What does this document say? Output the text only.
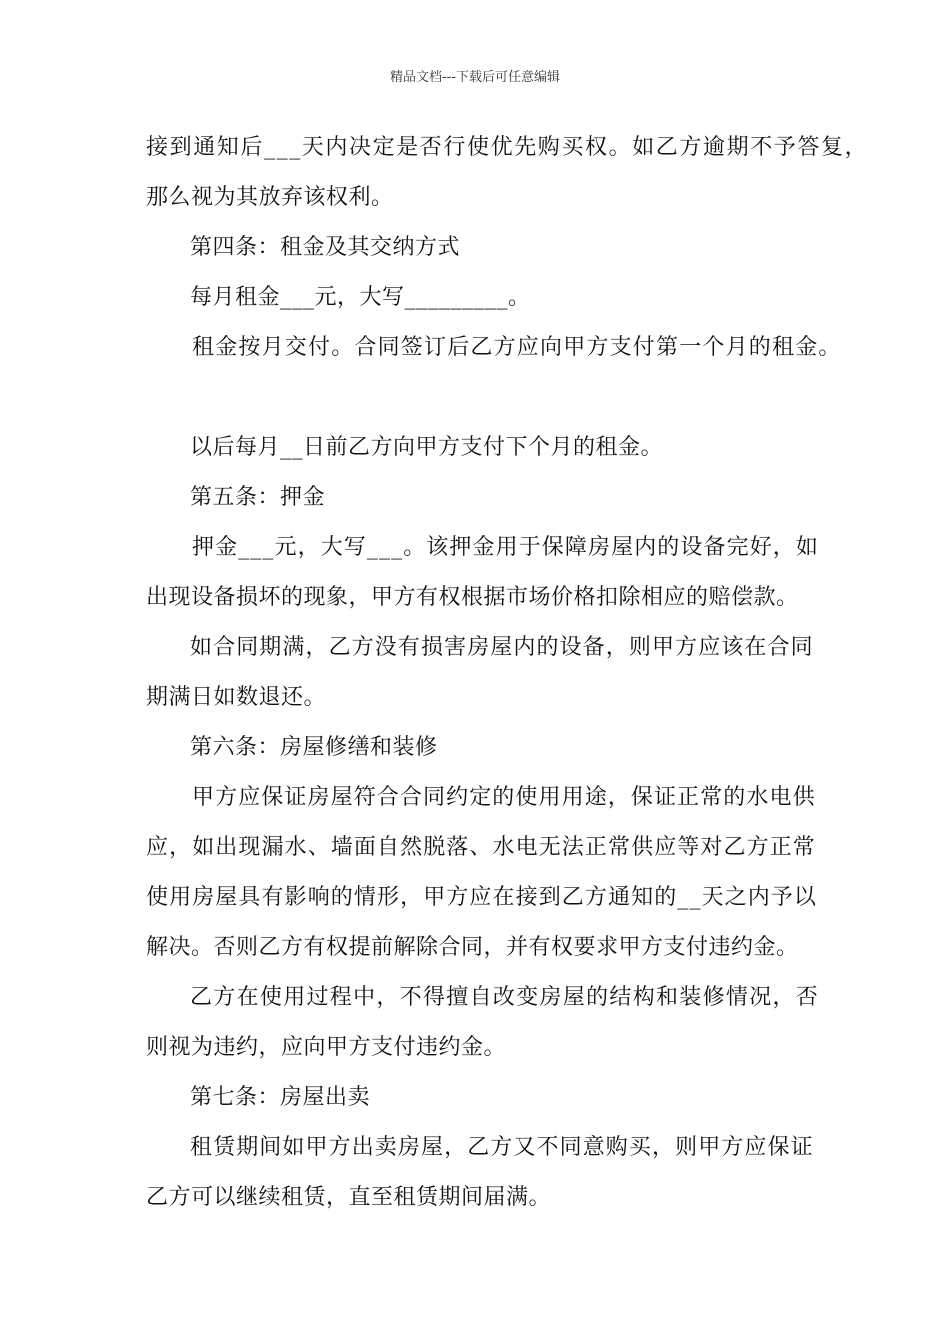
精品文档---下载后可任意编辑
接到通知后___天内决定是否行使优先购买权。如乙方逾期不予答复，
那么视为其放弃该权利。
第四条：租金及其交纳方式
每月租金___元，大写_________。
租金按月交付。合同签订后乙方应向甲方支付第一个月的租金。
以后每月__日前乙方向甲方支付下个月的租金。
第五条：押金
押金___元，大写___。该押金用于保障房屋内的设备完好，如
出现设备损坏的现象，甲方有权根据市场价格扣除相应的赔偿款。
如合同期满，乙方没有损害房屋内的设备，则甲方应该在合同
期满日如数退还。
第六条：房屋修缮和装修
甲方应保证房屋符合合同约定的使用用途，保证正常的水电供
应，如出现漏水、墙面自然脱落、水电无法正常供应等对乙方正常
使用房屋具有影响的情形，甲方应在接到乙方通知的__天之内予以
解决。否则乙方有权提前解除合同，并有权要求甲方支付违约金。
乙方在使用过程中，不得擅自改变房屋的结构和装修情况，否
则视为违约，应向甲方支付违约金。
第七条：房屋出卖
租赁期间如甲方出卖房屋，乙方又不同意购买，则甲方应保证
乙方可以继续租赁，直至租赁期间届满。
